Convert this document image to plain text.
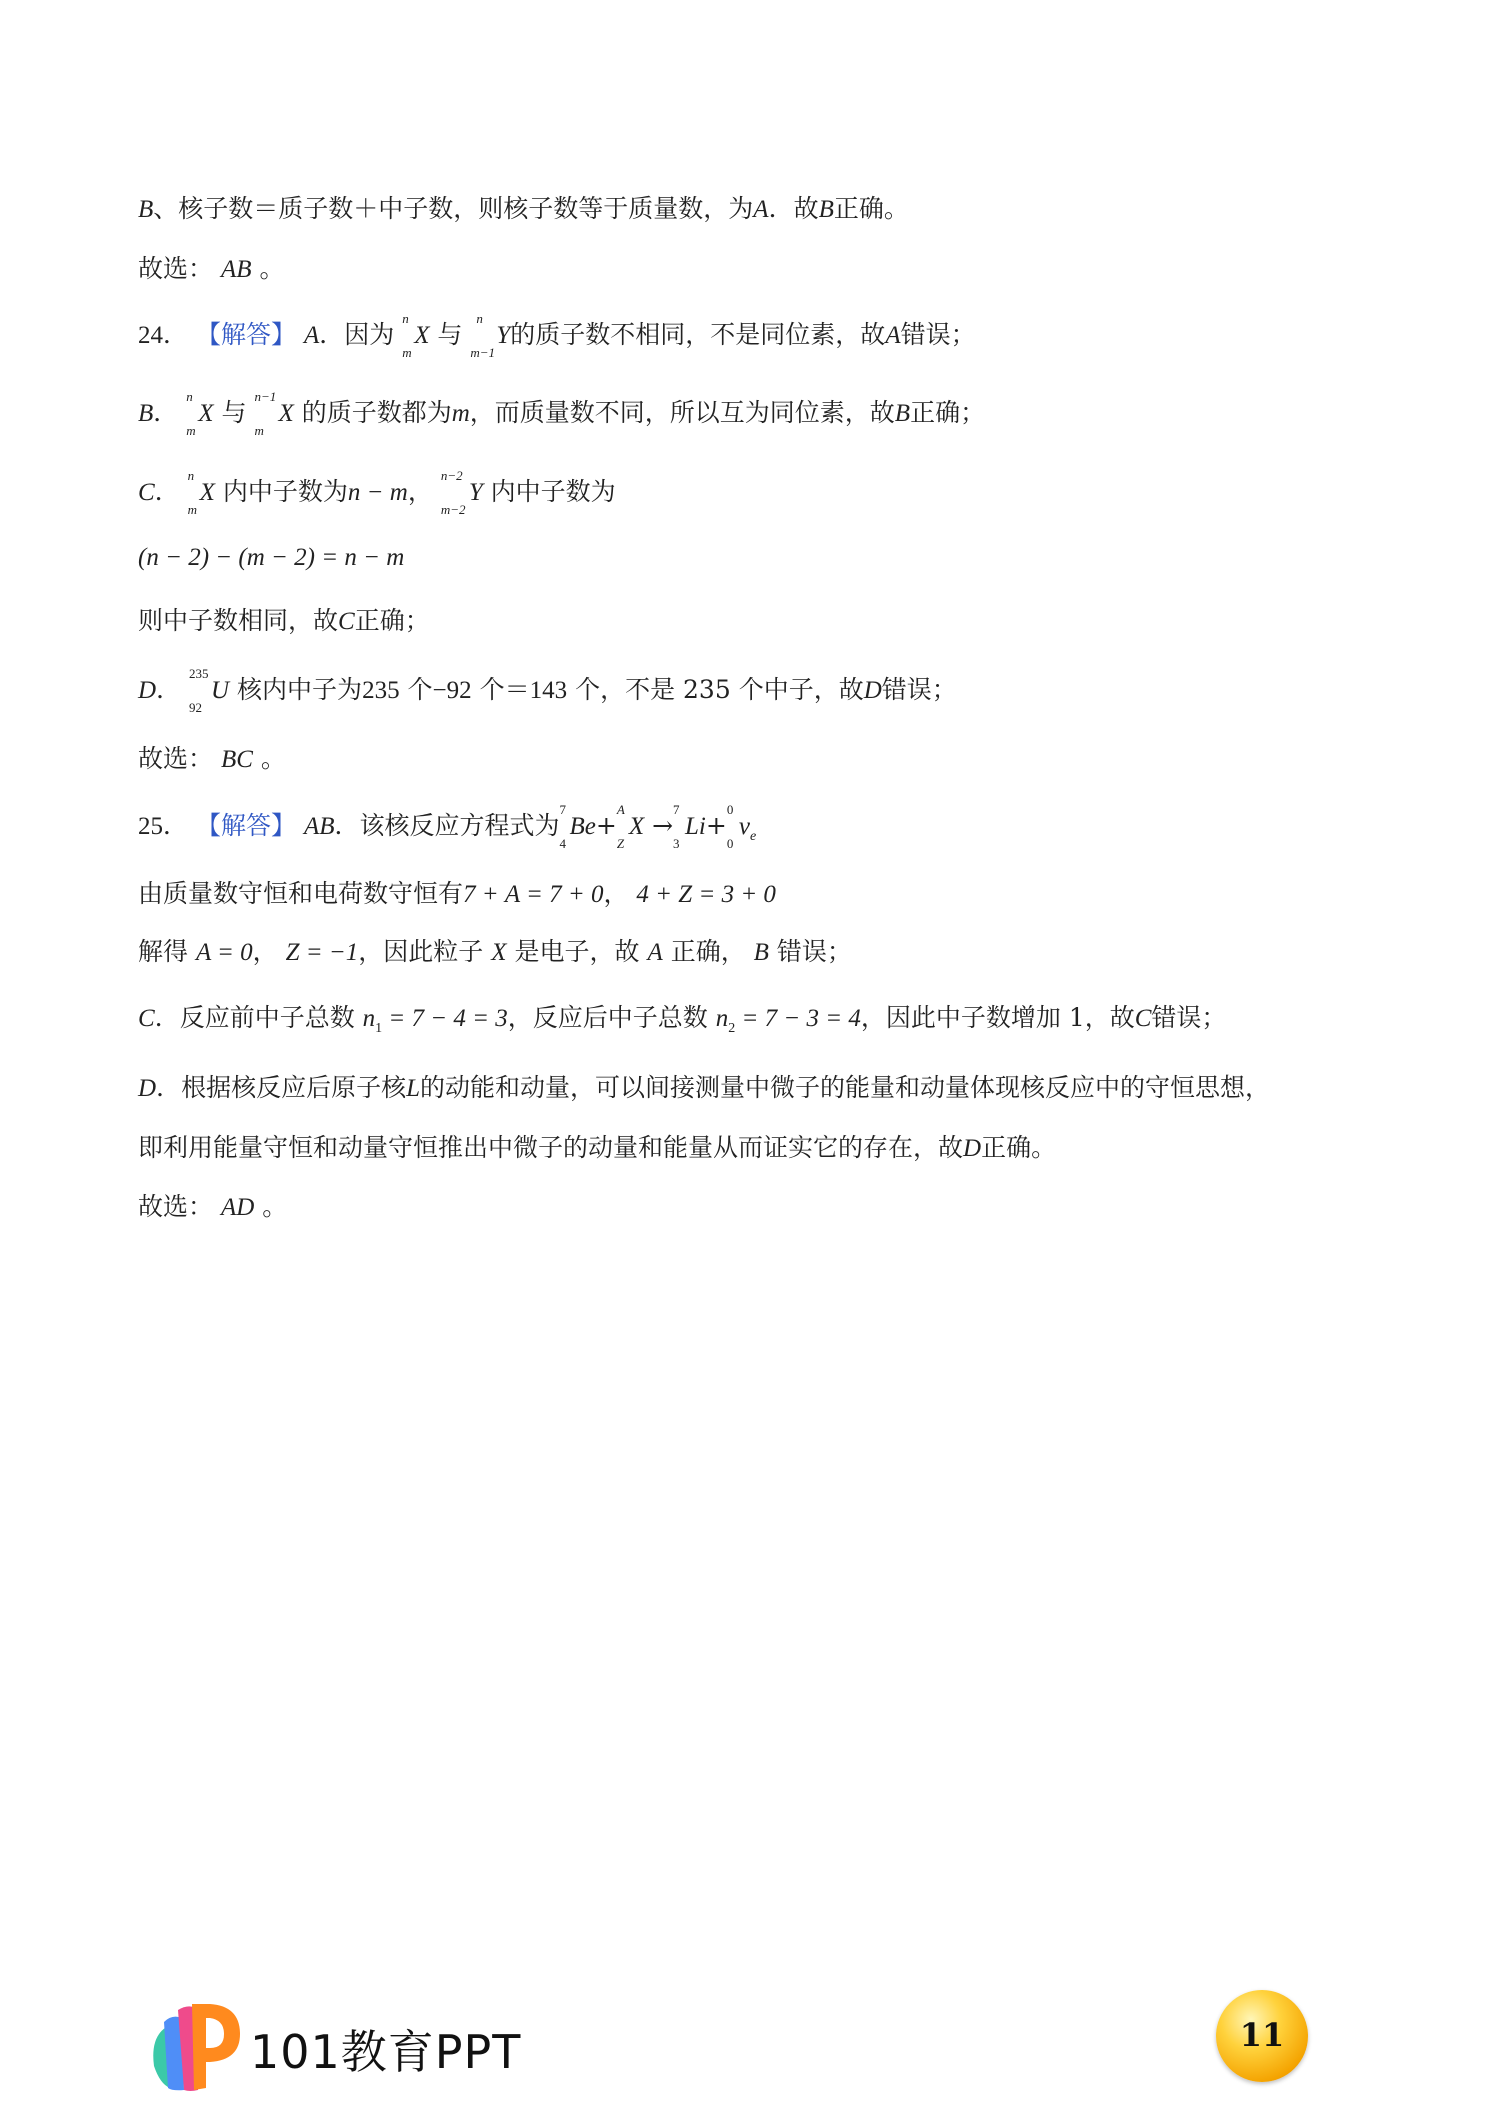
B、核子数＝质子数＋中子数，则核子数等于质量数，为A．故B正确。
故选： AB 。
24． 【解答】 A．因为
n
m
X 与
n
m−1
Y的质子数不相同，不是同位素，故A错误；
B．
n
m
X 与
n−1
m
X 的质子数都为m，而质量数不同，所以互为同位素，故B正确；
C．
n
m
X 内中子数为n − m，
n−2
m−2
Y 内中子数为
(n − 2) − (m − 2) = n − m
则中子数相同，故C正确；
D．
235
92
U 核内中子为235 个−92 个＝143 个，不是 235 个中子，故D错误；
故选： BC 。
25． 【解答】 AB．该核反应方程式为
7
4
Be+
A
Z
X →
7
3
Li+
0
0
$v_e$
由质量数守恒和电荷数守恒有7 + A = 7 + 0， 4 + Z = 3 + 0
解得 A = 0， Z = −1，因此粒子 X 是电子，故 A 正确， B 错误；
C．反应前中子总数 $n_1 = 7 - 4 = 3$，反应后中子总数 $n_2 = 7 - 3 = 4$，因此中子数增加 1，故C错误；
D．根据核反应后原子核L的动能和动量，可以间接测量中微子的能量和动量体现核反应中的守恒思想，
即利用能量守恒和动量守恒推出中微子的动量和能量从而证实它的存在，故D正确。
故选： AD 。
101教育PPT	11
